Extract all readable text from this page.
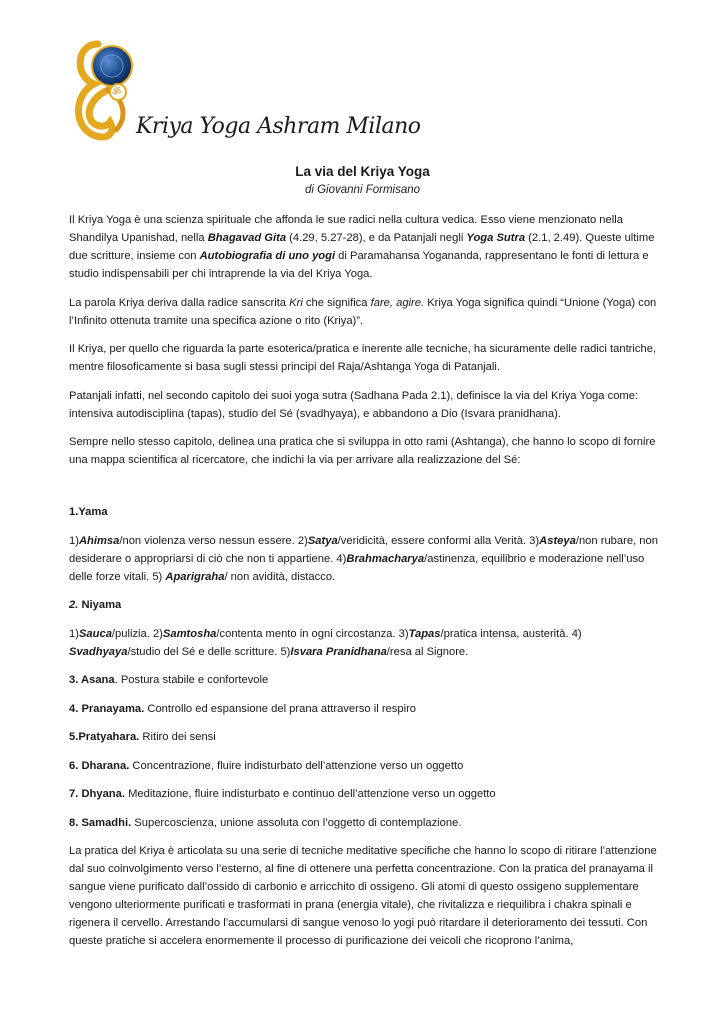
ॐ
Kriya Yoga Ashram Milano
La via del Kriya Yoga

di Giovanni Formisano

Il Kriya Yoga è una scienza spirituale che affonda le sue radici nella cultura vedica. Esso viene menzionato nella Shandilya Upanishad, nella Bhagavad Gita (4.29, 5.27-28), e da Patanjali negli Yoga Sutra (2.1, 2.49). Queste ultime due scritture, insieme con Autobiografia di uno yogi di Paramahansa Yogananda, rappresentano le fonti di lettura e studio indispensabili per chi intraprende la via del Kriya Yoga.

La parola Kriya deriva dalla radice sanscrita Kri che significa fare, agire. Kriya Yoga significa quindi “Unione (Yoga) con l’Infinito ottenuta tramite una specifica azione o rito (Kriya)”.

Il Kriya, per quello che riguarda la parte esoterica/pratica e inerente alle tecniche, ha sicuramente delle radici tantriche, mentre filosoficamente si basa sugli stessi principi del Raja/Ashtanga Yoga di Patanjali.

Patanjali infatti, nel secondo capitolo dei suoi yoga sutra (Sadhana Pada 2.1), definisce la via del Kriya Yoga come: intensiva autodisciplina (tapas), studio del Sé (svadhyaya), e abbandono a Dio (Isvara pranidhana).

Sempre nello stesso capitolo, delinea una pratica che si sviluppa in otto rami (Ashtanga), che hanno lo scopo di fornire una mappa scientifica al ricercatore, che indichi la via per arrivare alla realizzazione del Sé:

1.Yama

1)Ahimsa/non violenza verso nessun essere. 2)Satya/veridicità, essere conformi alla Verità. 3)Asteya/non rubare, non desiderare o appropriarsi di ciò che non ti appartiene. 4)Brahmacharya/astinenza, equilibrio e moderazione nell’uso delle forze vitali. 5) Aparigraha/ non avidità, distacco.

2. Niyama

1)Sauca/pulizia. 2)Samtosha/contenta mento in ogni circostanza. 3)Tapas/pratica intensa, austerità. 4) Svadhyaya/studio del Sé e delle scritture. 5)Isvara Pranidhana/resa al Signore.

3. Asana. Postura stabile e confortevole

4. Pranayama. Controllo ed espansione del prana attraverso il respiro

5.Pratyahara. Ritiro dei sensi

6. Dharana. Concentrazione, fluire indisturbato dell’attenzione verso un oggetto

7. Dhyana. Meditazione, fluire indisturbato e continuo dell’attenzione verso un oggetto

8. Samadhi. Supercoscienza, unione assoluta con l’oggetto di contemplazione.

La pratica del Kriya è articolata su una serie di tecniche meditative specifiche che hanno lo scopo di ritirare l’attenzione dal suo coinvolgimento verso l’esterno, al fine di ottenere una perfetta concentrazione. Con la pratica del pranayama il sangue viene purificato dall’ossido di carbonio e arricchito di ossigeno. Gli atomi di questo ossigeno supplementare vengono ulteriormente purificati e trasformati in prana (energia vitale), che rivitalizza e riequilibra i chakra spinali e rigenera il cervello. Arrestando l’accumularsi di sangue venoso lo yogi può ritardare il deterioramento dei tessuti. Con queste pratiche si accelera enormemente il processo di purificazione dei veicoli che ricoprono l’anima,
